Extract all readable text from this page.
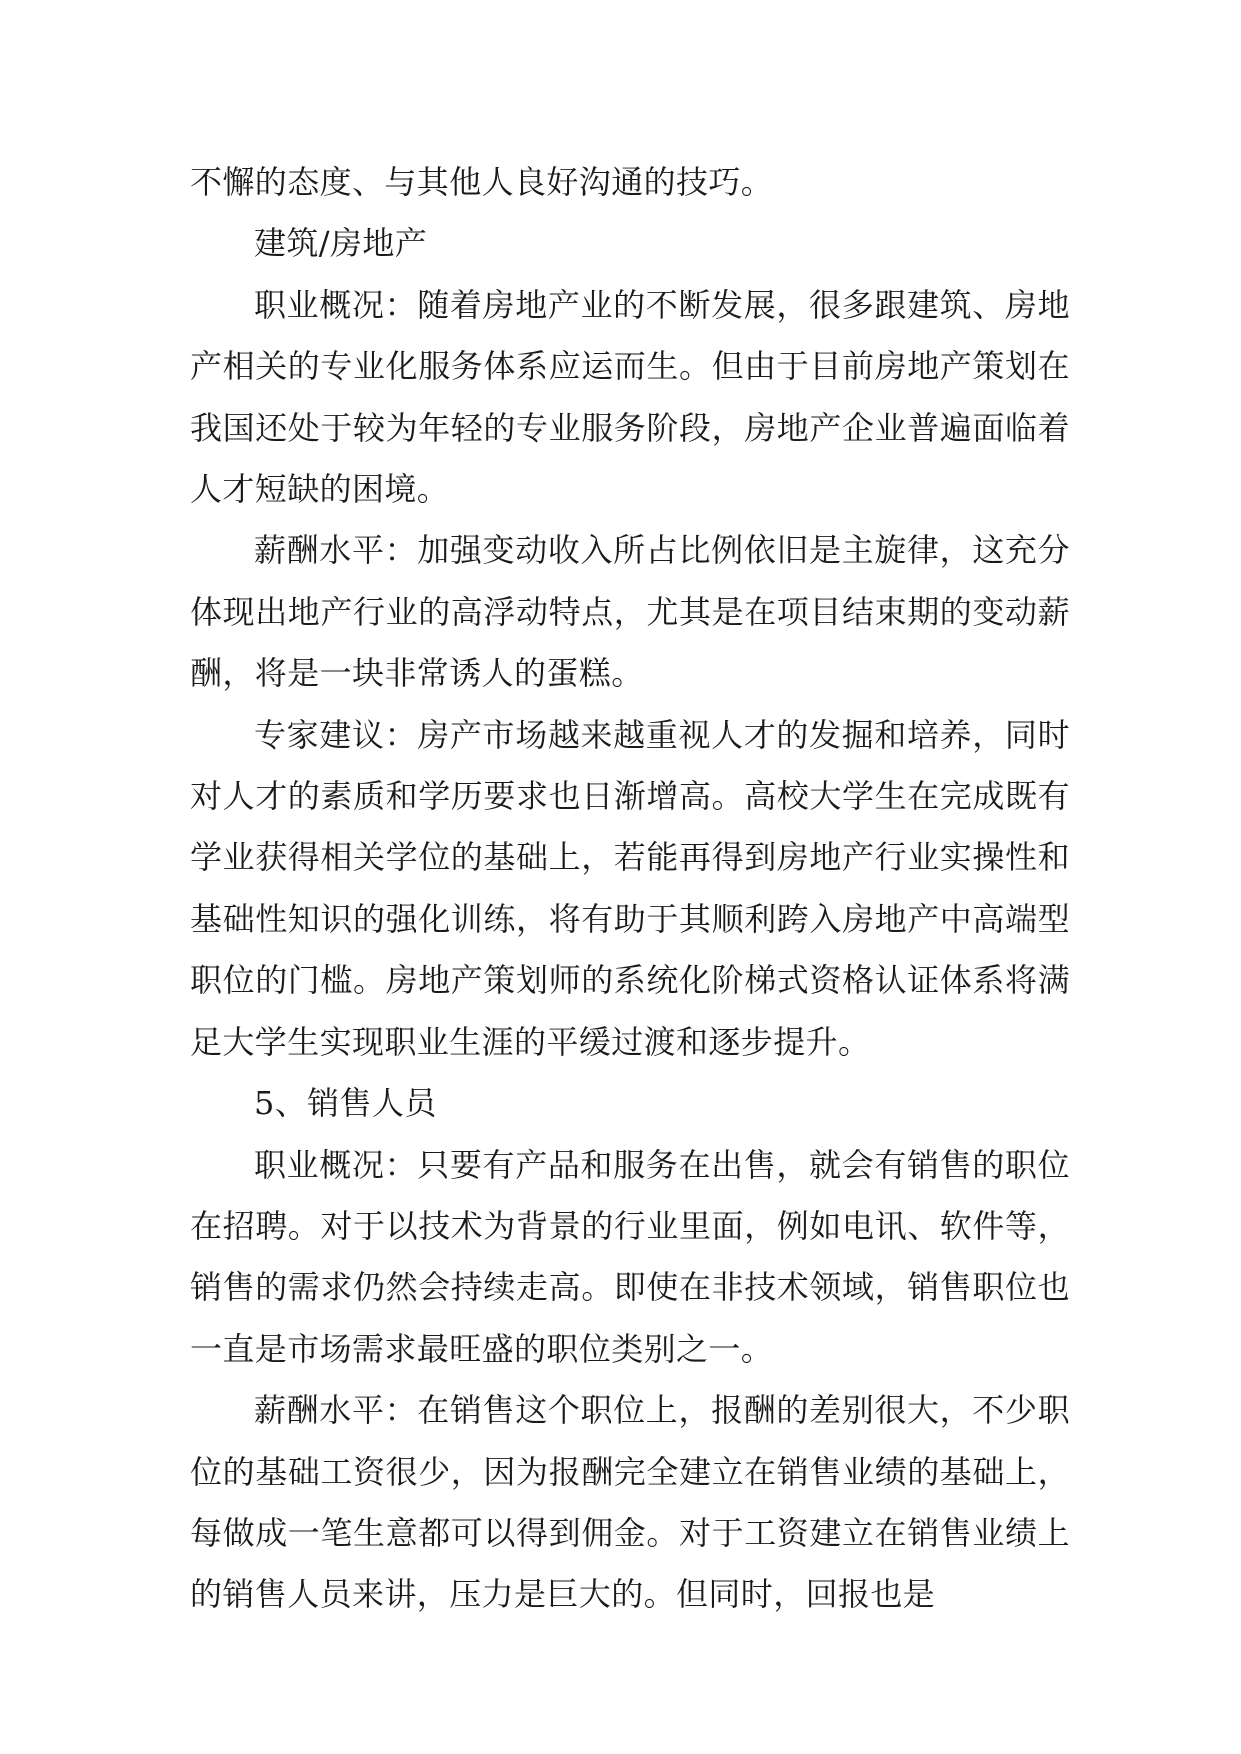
不懈的态度、与其他人良好沟通的技巧。

建筑/房地产

职业概况：随着房地产业的不断发展，很多跟建筑、房地产相关的专业化服务体系应运而生。但由于目前房地产策划在我国还处于较为年轻的专业服务阶段，房地产企业普遍面临着人才短缺的困境。

薪酬水平：加强变动收入所占比例依旧是主旋律，这充分体现出地产行业的高浮动特点，尤其是在项目结束期的变动薪酬，将是一块非常诱人的蛋糕。

专家建议：房产市场越来越重视人才的发掘和培养，同时对人才的素质和学历要求也日渐增高。高校大学生在完成既有学业获得相关学位的基础上，若能再得到房地产行业实操性和基础性知识的强化训练，将有助于其顺利跨入房地产中高端型职位的门槛。房地产策划师的系统化阶梯式资格认证体系将满足大学生实现职业生涯的平缓过渡和逐步提升。

5、销售人员

职业概况：只要有产品和服务在出售，就会有销售的职位在招聘。对于以技术为背景的行业里面，例如电讯、软件等，销售的需求仍然会持续走高。即使在非技术领域，销售职位也一直是市场需求最旺盛的职位类别之一。

薪酬水平：在销售这个职位上，报酬的差别很大，不少职位的基础工资很少，因为报酬完全建立在销售业绩的基础上，每做成一笔生意都可以得到佣金。对于工资建立在销售业绩上的销售人员来讲，压力是巨大的。但同时，回报也是
